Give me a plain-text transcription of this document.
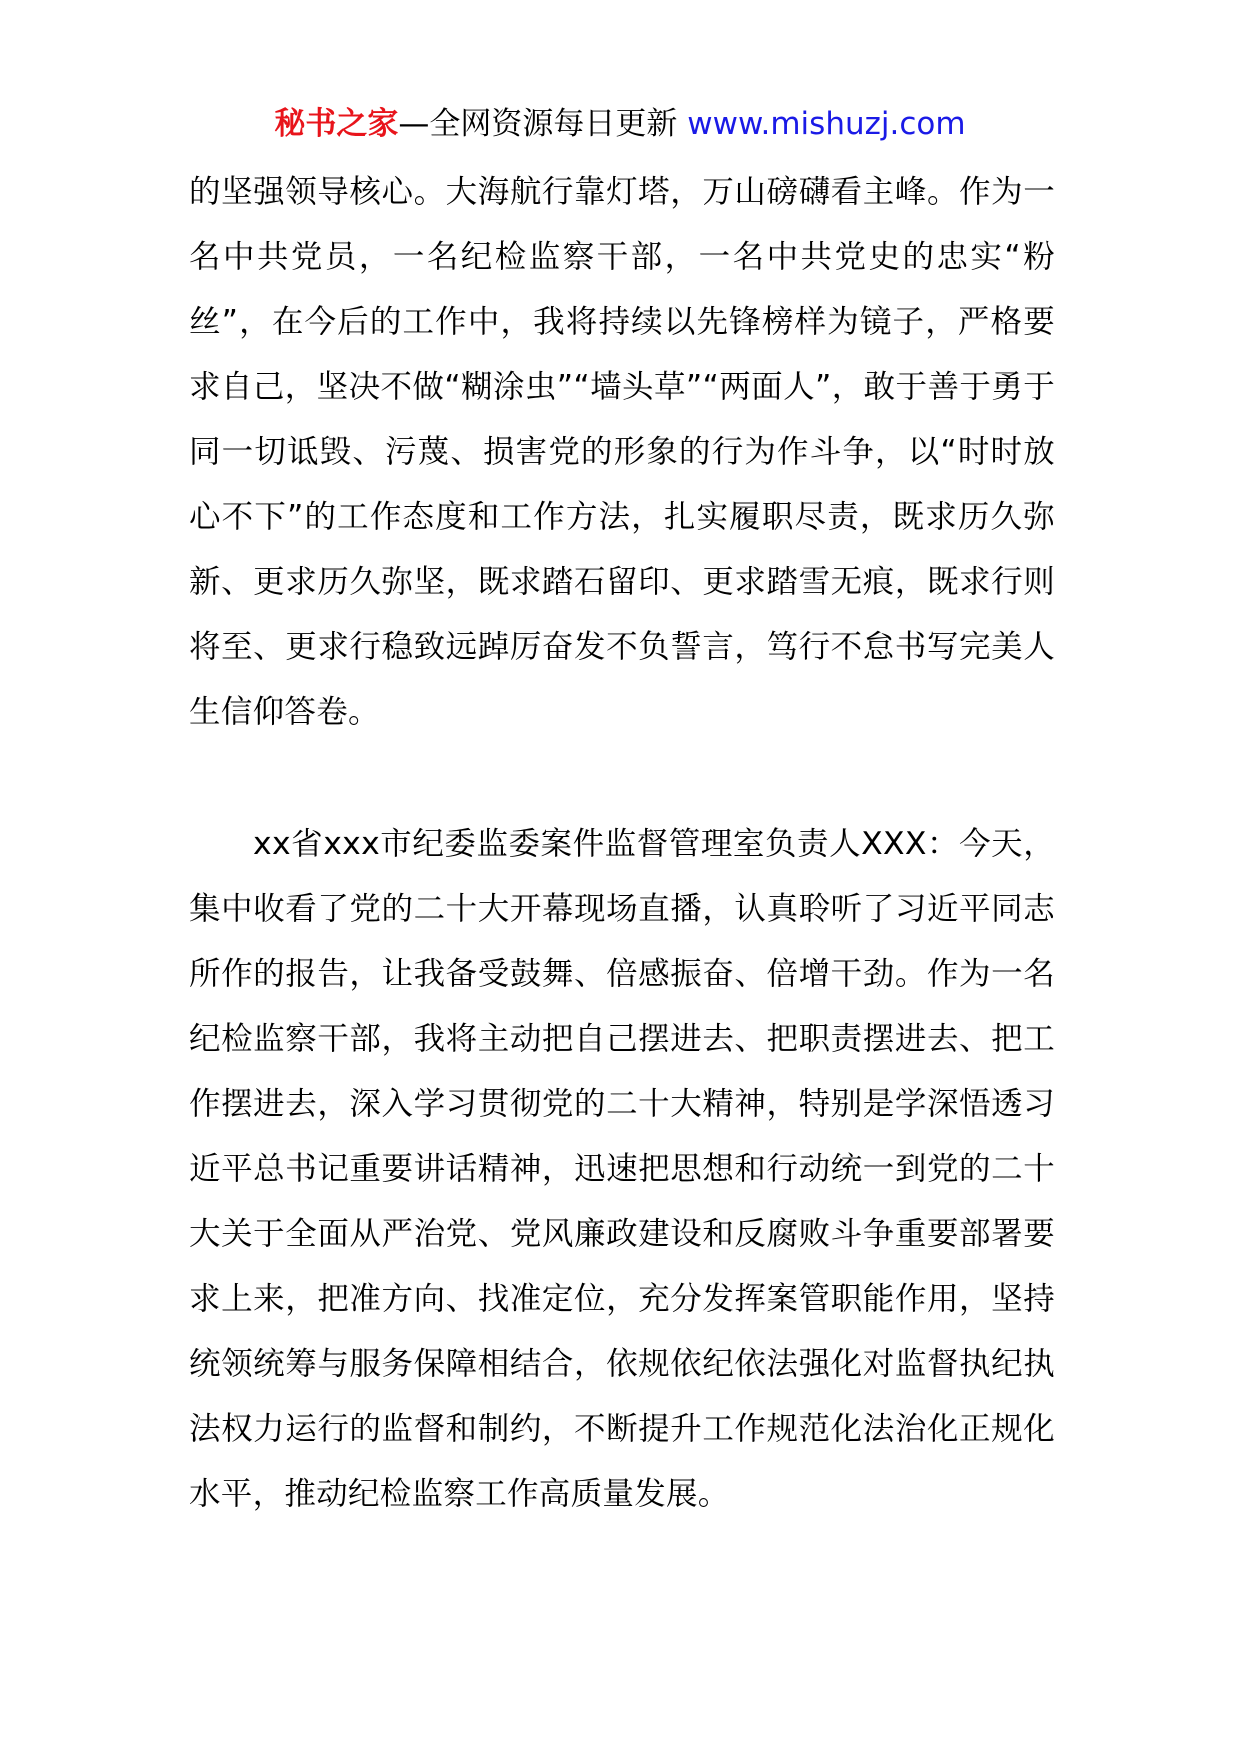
秘书之家—全网资源每日更新 www.mishuzj.com
的坚强领导核心。大海航行靠灯塔，万山磅礴看主峰。作为一名中共党员，一名纪检监察干部，一名中共党史的忠实“粉丝”，在今后的工作中，我将持续以先锋榜样为镜子，严格要求自己，坚决不做“糊涂虫”“墙头草”“两面人”，敢于善于勇于同一切诋毁、污蔑、损害党的形象的行为作斗争，以“时时放心不下”的工作态度和工作方法，扎实履职尽责，既求历久弥新、更求历久弥坚，既求踏石留印、更求踏雪无痕，既求行则将至、更求行稳致远踔厉奋发不负誓言，笃行不怠书写完美人生信仰答卷。
xx省xxx市纪委监委案件监督管理室负责人XXX：今天，集中收看了党的二十大开幕现场直播，认真聆听了习近平同志所作的报告，让我备受鼓舞、倍感振奋、倍增干劲。作为一名纪检监察干部，我将主动把自己摆进去、把职责摆进去、把工作摆进去，深入学习贯彻党的二十大精神，特别是学深悟透习近平总书记重要讲话精神，迅速把思想和行动统一到党的二十大关于全面从严治党、党风廉政建设和反腐败斗争重要部署要求上来，把准方向、找准定位，充分发挥案管职能作用，坚持统领统筹与服务保障相结合，依规依纪依法强化对监督执纪执法权力运行的监督和制约，不断提升工作规范化法治化正规化水平，推动纪检监察工作高质量发展。
